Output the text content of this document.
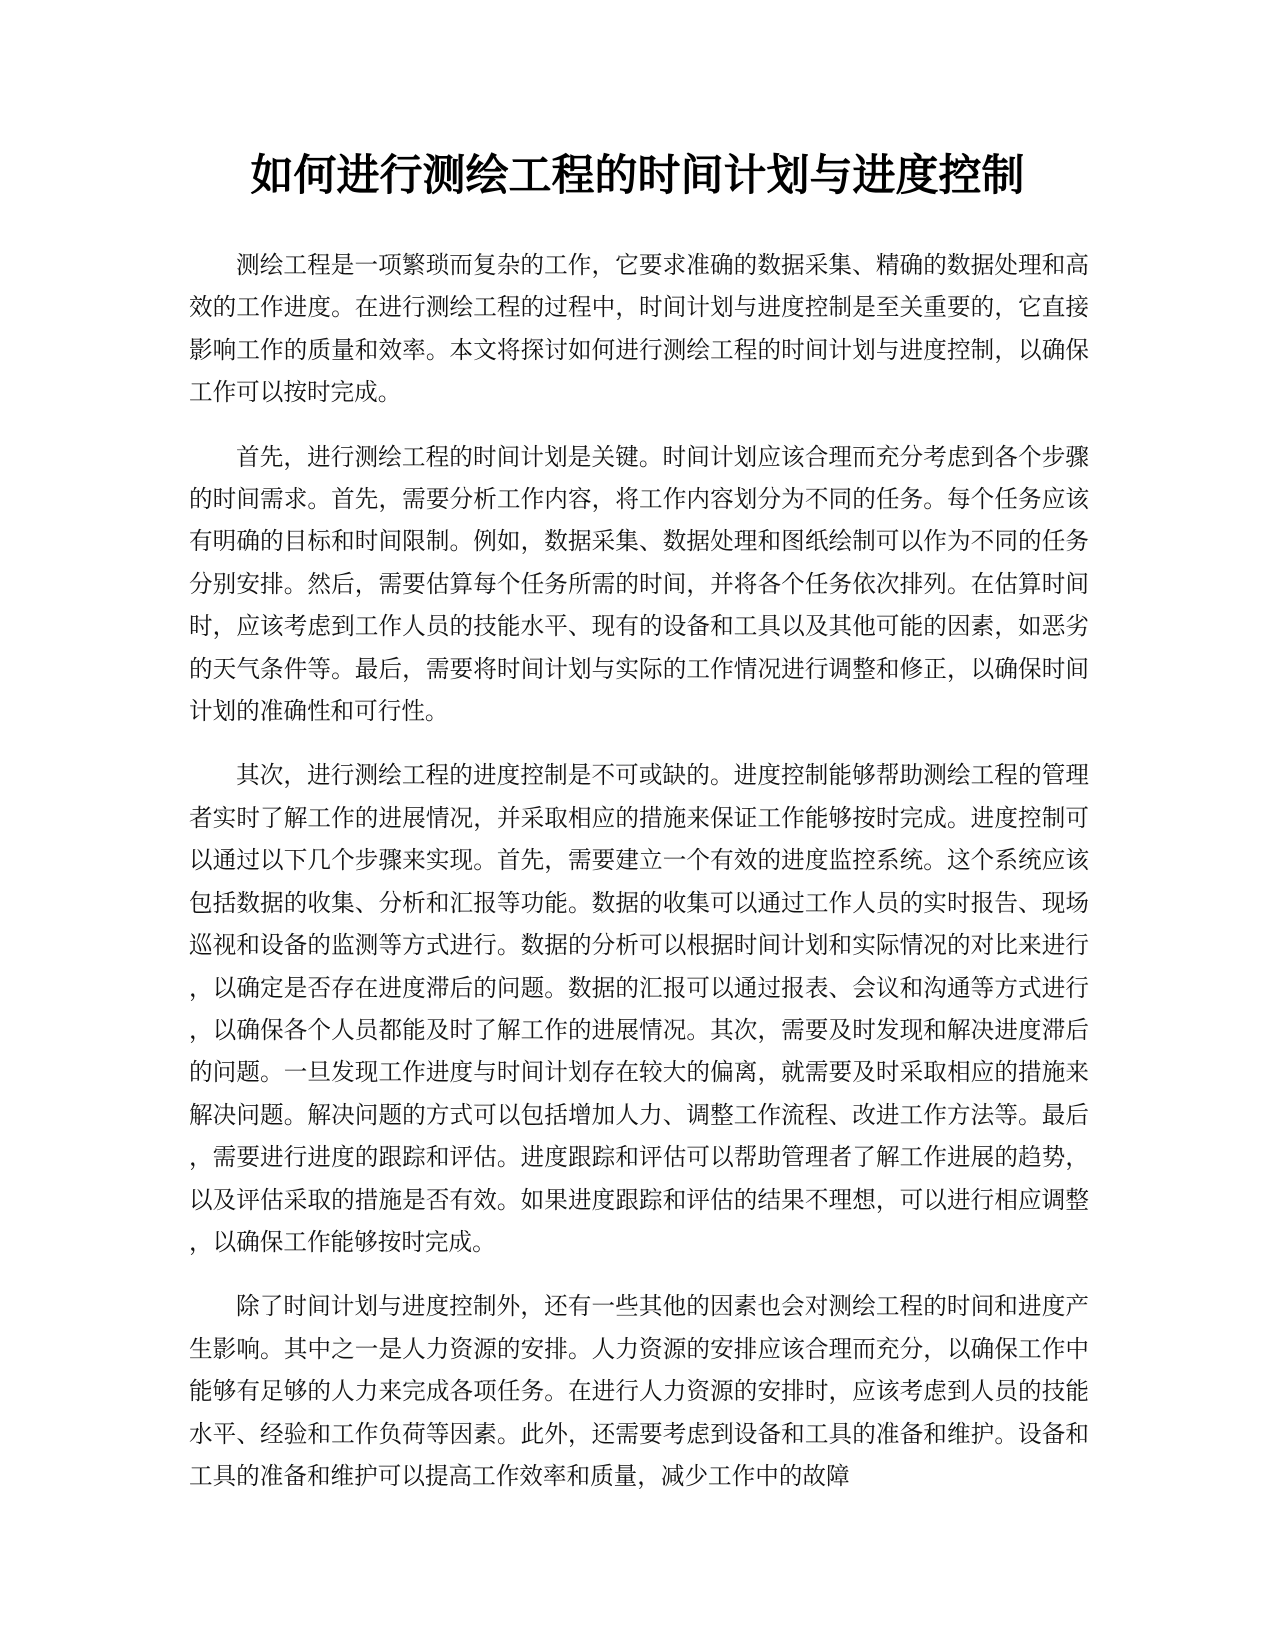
如何进行测绘工程的时间计划与进度控制

测绘工程是一项繁琐而复杂的工作，它要求准确的数据采集、精确的数据处理和高效的工作进度。在进行测绘工程的过程中，时间计划与进度控制是至关重要的，它直接影响工作的质量和效率。本文将探讨如何进行测绘工程的时间计划与进度控制，以确保工作可以按时完成。

首先，进行测绘工程的时间计划是关键。时间计划应该合理而充分考虑到各个步骤的时间需求。首先，需要分析工作内容，将工作内容划分为不同的任务。每个任务应该有明确的目标和时间限制。例如，数据采集、数据处理和图纸绘制可以作为不同的任务分别安排。然后，需要估算每个任务所需的时间，并将各个任务依次排列。在估算时间时，应该考虑到工作人员的技能水平、现有的设备和工具以及其他可能的因素，如恶劣的天气条件等。最后，需要将时间计划与实际的工作情况进行调整和修正，以确保时间计划的准确性和可行性。

其次，进行测绘工程的进度控制是不可或缺的。进度控制能够帮助测绘工程的管理者实时了解工作的进展情况，并采取相应的措施来保证工作能够按时完成。进度控制可以通过以下几个步骤来实现。首先，需要建立一个有效的进度监控系统。这个系统应该包括数据的收集、分析和汇报等功能。数据的收集可以通过工作人员的实时报告、现场巡视和设备的监测等方式进行。数据的分析可以根据时间计划和实际情况的对比来进行，以确定是否存在进度滞后的问题。数据的汇报可以通过报表、会议和沟通等方式进行，以确保各个人员都能及时了解工作的进展情况。其次，需要及时发现和解决进度滞后的问题。一旦发现工作进度与时间计划存在较大的偏离，就需要及时采取相应的措施来解决问题。解决问题的方式可以包括增加人力、调整工作流程、改进工作方法等。最后，需要进行进度的跟踪和评估。进度跟踪和评估可以帮助管理者了解工作进展的趋势，以及评估采取的措施是否有效。如果进度跟踪和评估的结果不理想，可以进行相应调整，以确保工作能够按时完成。

除了时间计划与进度控制外，还有一些其他的因素也会对测绘工程的时间和进度产生影响。其中之一是人力资源的安排。人力资源的安排应该合理而充分，以确保工作中能够有足够的人力来完成各项任务。在进行人力资源的安排时，应该考虑到人员的技能水平、经验和工作负荷等因素。此外，还需要考虑到设备和工具的准备和维护。设备和工具的准备和维护可以提高工作效率和质量，减少工作中的故障
